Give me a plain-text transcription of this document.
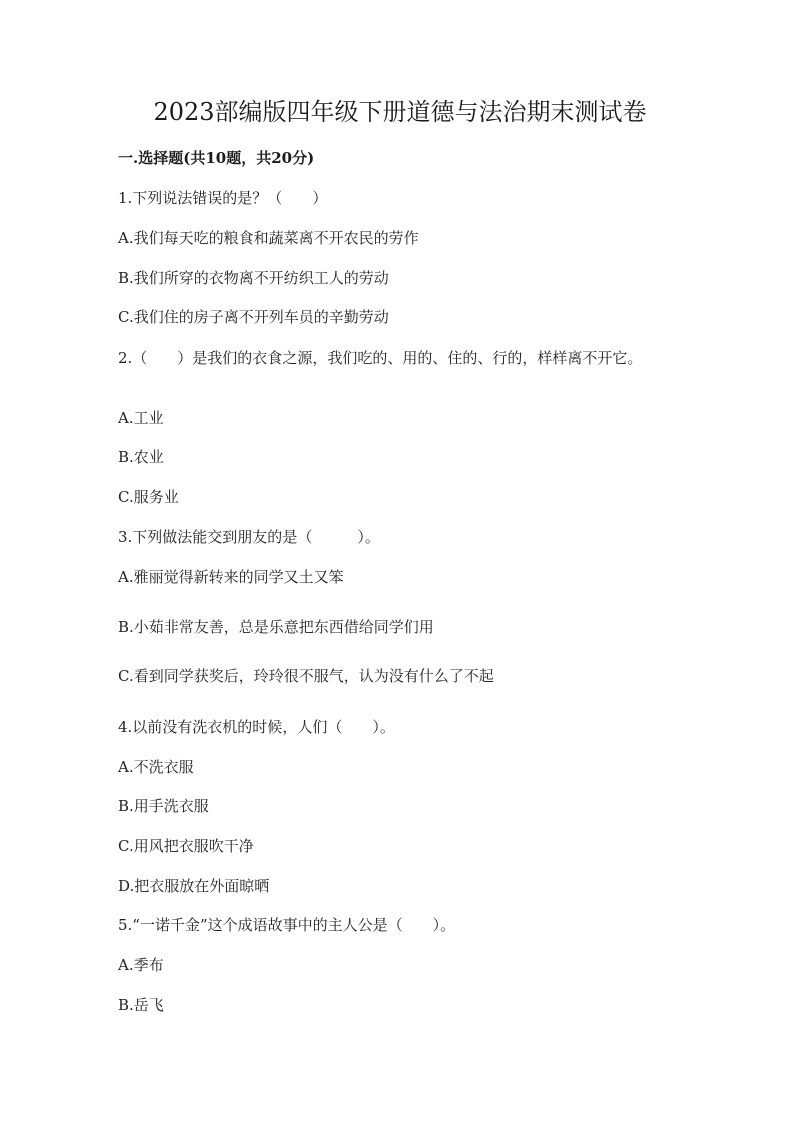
2023部编版四年级下册道德与法治期末测试卷
一.选择题(共10题，共20分)
1.下列说法错误的是？（　　）
A.我们每天吃的粮食和蔬菜离不开农民的劳作
B.我们所穿的衣物离不开纺织工人的劳动
C.我们住的房子离不开列车员的辛勤劳动
2.（　　）是我们的衣食之源，我们吃的、用的、住的、行的，样样离不开它。
A.工业
B.农业
C.服务业
3.下列做法能交到朋友的是（　　　）。
A.雅丽觉得新转来的同学又土又笨
B.小茹非常友善，总是乐意把东西借给同学们用
C.看到同学获奖后，玲玲很不服气，认为没有什么了不起
4.以前没有洗衣机的时候，人们（　　）。
A.不洗衣服
B.用手洗衣服
C.用风把衣服吹干净
D.把衣服放在外面晾晒
5.“一诺千金”这个成语故事中的主人公是（　　）。
A.季布
B.岳飞
